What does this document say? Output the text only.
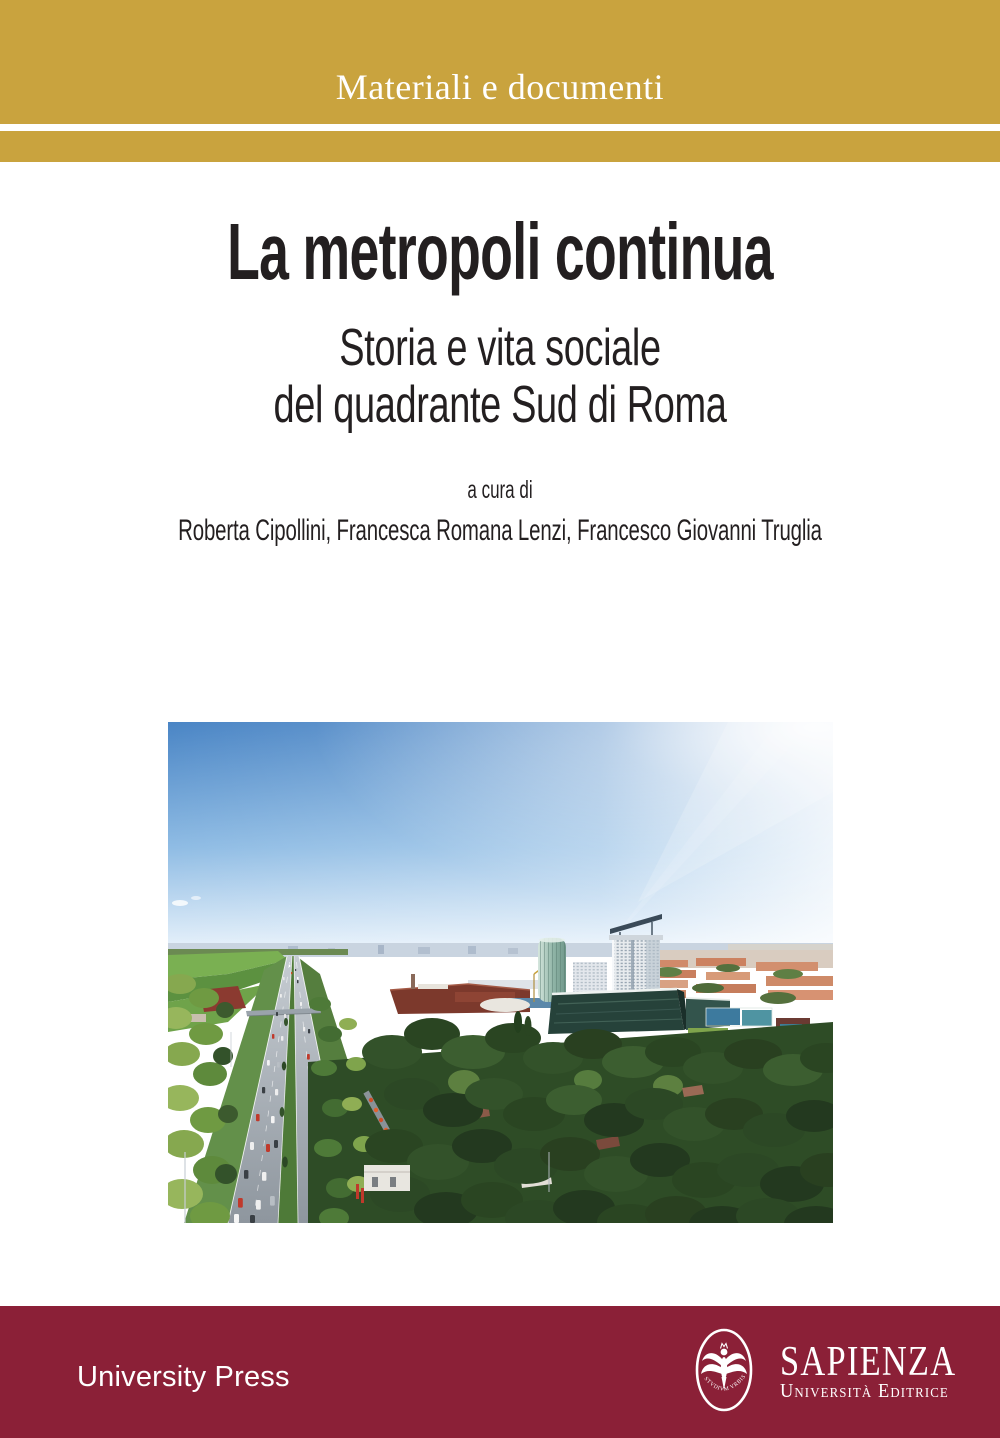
Materiali e documenti
La metropoli continua
Storia e vita sociale
del quadrante Sud di Roma
a cura di
Roberta Cipollini, Francesca Romana Lenzi, Francesco Giovanni Truglia
University Press	STVDIVM VRBIS SAPIENZA
Università Editrice
